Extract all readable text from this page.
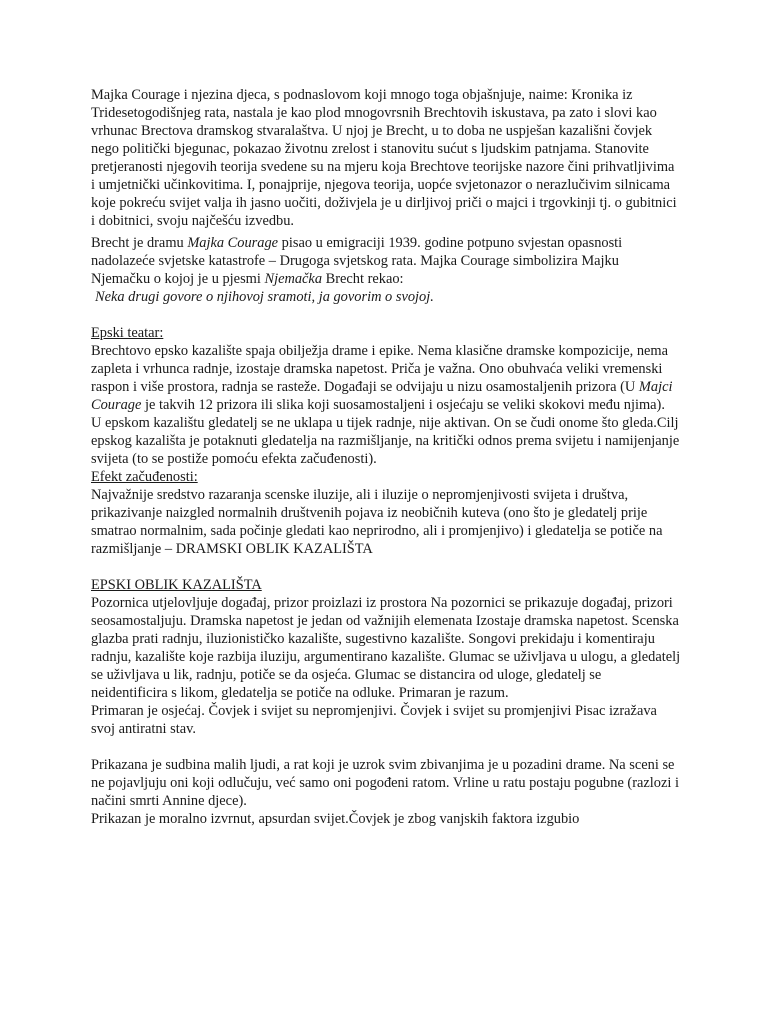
Majka Courage i njezina djeca, s podnaslovom koji mnogo toga objašnjuje, naime: Kronika iz Tridesetogodišnjeg rata, nastala je kao plod mnogovrsnih Brechtovih iskustava, pa zato i slovi kao vrhunac Brectova dramskog stvaralaštva. U njoj je Brecht, u to doba ne uspješan kazališni čovjek nego politički bjegunac, pokazao životnu zrelost i stanovitu sućut s ljudskim patnjama. Stanovite pretjeranosti njegovih teorija svedene su na mjeru koja Brechtove teorijske nazore čini prihvatljivima i umjetnički učinkovitima. I, ponajprije, njegova teorija, uopće svjetonazor o nerazlučivim silnicama koje pokreću svijet valja ih jasno uočiti, doživjela je u dirljivoj priči o majci i trgovkinji tj. o gubitnici i dobitnici, svoju najčešću izvedbu.

Brecht je dramu Majka Courage pisao u emigraciji 1939. godine potpuno svjestan opasnosti nadolazeće svjetske katastrofe – Drugoga svjetskog rata. Majka Courage simbolizira Majku Njemačku o kojoj je u pjesmi Njemačka Brecht rekao:

Neka drugi govore o njihovoj sramoti, ja govorim o svojoj.

Epski teatar:

Brechtovo epsko kazalište spaja obilježja drame i epike. Nema klasične dramske kompozicije, nema zapleta i vrhunca radnje, izostaje dramska napetost. Priča je važna. Ono obuhvaća veliki vremenski raspon i više prostora, radnja se rasteže. Događaji se odvijaju u nizu osamostaljenih prizora (U Majci Courage je takvih 12 prizora ili slika koji suosamostaljeni i osjećaju se veliki skokovi među njima).

U epskom kazalištu gledatelj se ne uklapa u tijek radnje, nije aktivan. On se čudi onome što gleda.Cilj epskog kazališta je potaknuti gledatelja na razmišljanje, na kritički odnos prema svijetu i namijenjanje svijeta (to se postiže pomoću efekta začuđenosti).

Efekt začuđenosti:

Najvažnije sredstvo razaranja scenske iluzije, ali i iluzije o nepromjenjivosti svijeta i društva, prikazivanje naizgled normalnih društvenih pojava iz neobičnih kuteva (ono što je gledatelj prije smatrao normalnim, sada počinje gledati kao neprirodno, ali i promjenjivo) i gledatelja se potiče na razmišljanje – DRAMSKI OBLIK KAZALIŠTA

EPSKI OBLIK KAZALIŠTA

Pozornica utjelovljuje događaj, prizor proizlazi iz prostora Na pozornici se prikazuje događaj, prizori seosamostaljuju. Dramska napetost je jedan od važnijih elemenata Izostaje dramska napetost. Scenska glazba prati radnju, iluzionističko kazalište, sugestivno kazalište. Songovi prekidaju i komentiraju radnju, kazalište koje razbija iluziju, argumentirano kazalište. Glumac se uživljava u ulogu, a gledatelj se uživljava u lik, radnju, potiče se da osjeća. Glumac se distancira od uloge, gledatelj se neidentificira s likom, gledatelja se potiče na odluke. Primaran je razum.

Primaran je osjećaj. Čovjek i svijet su nepromjenjivi. Čovjek i svijet su promjenjivi Pisac izražava svoj antiratni stav.

Prikazana je sudbina malih ljudi, a rat koji je uzrok svim zbivanjima je u pozadini drame. Na sceni se ne pojavljuju oni koji odlučuju, već samo oni pogođeni ratom. Vrline u ratu postaju pogubne (razlozi i načini smrti Annine djece).

Prikazan je moralno izvrnut, apsurdan svijet.Čovjek je zbog vanjskih faktora izgubio
